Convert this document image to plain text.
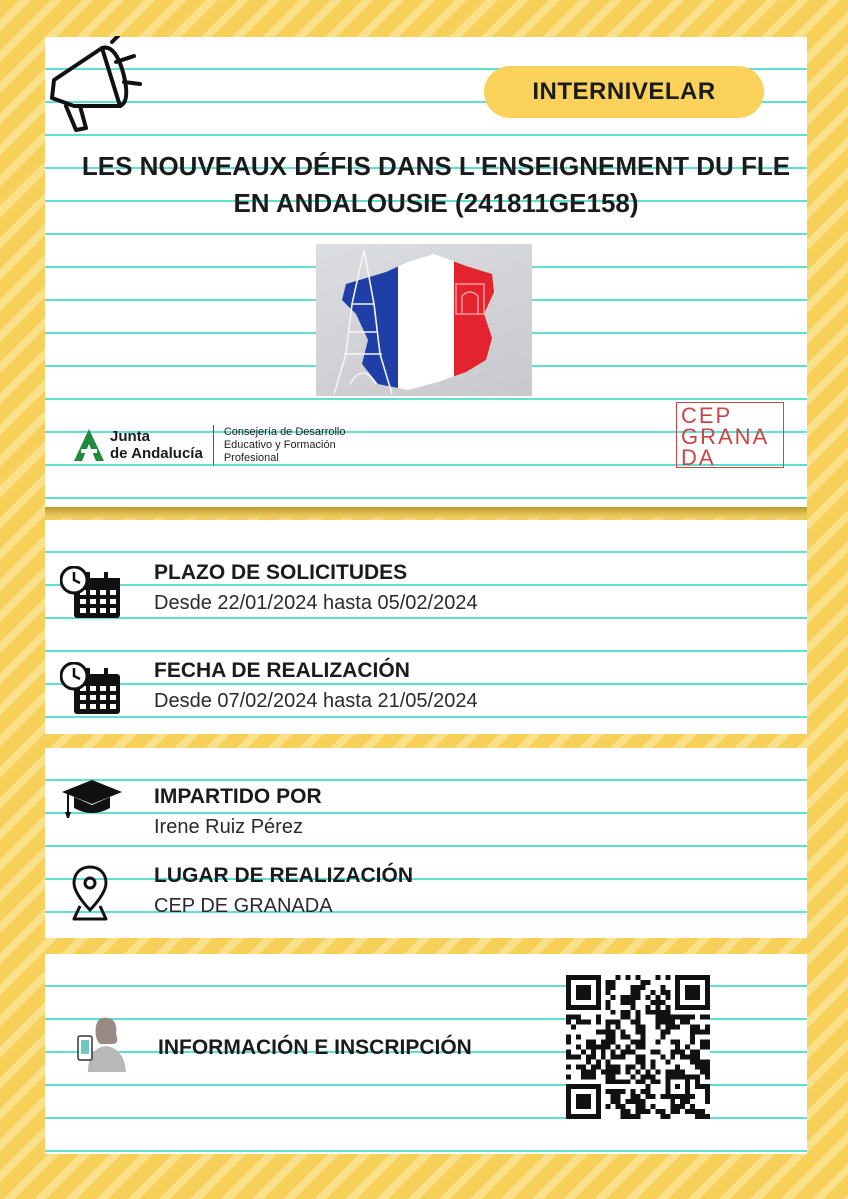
INTERNIVELAR
LES NOUVEAUX DÉFIS DANS L'ENSEIGNEMENT DU FLE
EN ANDALOUSIE (241811GE158)
Junta
de Andalucía
Consejería de Desarrollo
Educativo y Formación
Profesional
CEP
GRANA
DA
PLAZO DE SOLICITUDES
Desde 22/01/2024 hasta 05/02/2024
FECHA DE REALIZACIÓN
Desde 07/02/2024 hasta 21/05/2024
IMPARTIDO POR
Irene Ruiz Pérez
LUGAR DE REALIZACIÓN
CEP DE GRANADA
INFORMACIÓN E INSCRIPCIÓN
